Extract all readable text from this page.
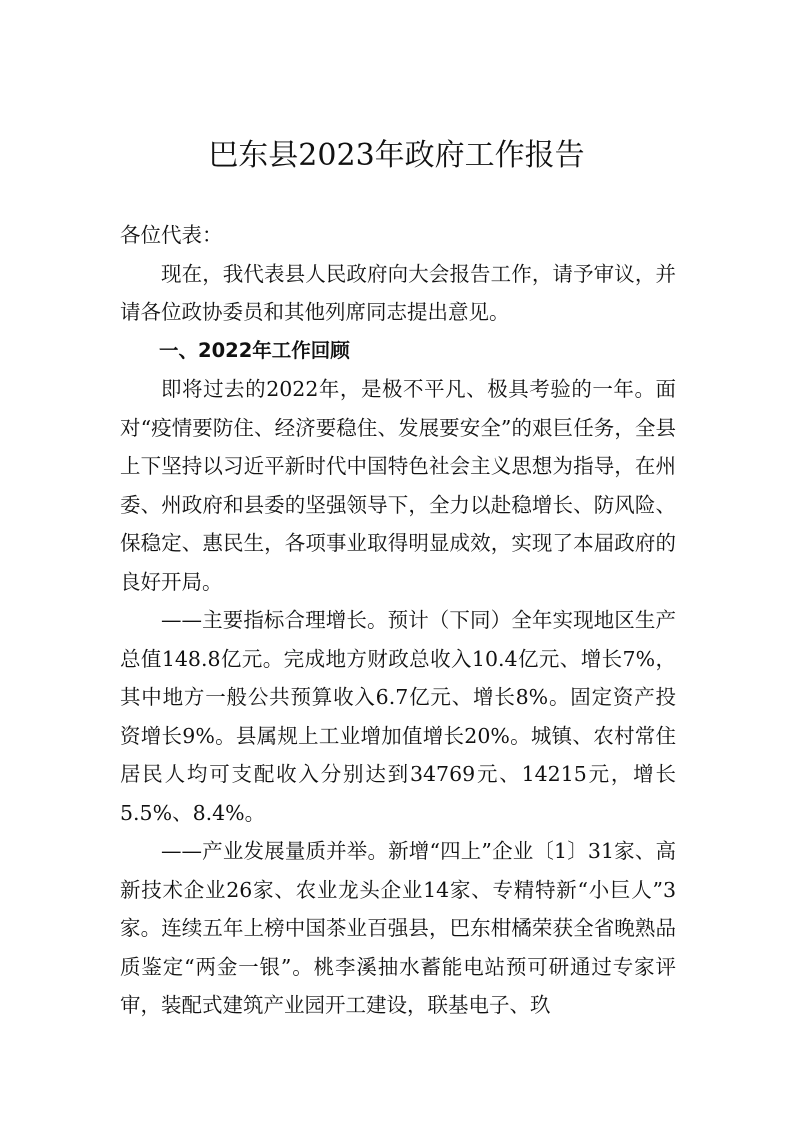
巴东县2023年政府工作报告

各位代表：

现在，我代表县人民政府向大会报告工作，请予审议，并请各位政协委员和其他列席同志提出意见。

一、2022年工作回顾

即将过去的2022年，是极不平凡、极具考验的一年。面对“疫情要防住、经济要稳住、发展要安全”的艰巨任务，全县上下坚持以习近平新时代中国特色社会主义思想为指导，在州委、州政府和县委的坚强领导下，全力以赴稳增长、防风险、保稳定、惠民生，各项事业取得明显成效，实现了本届政府的良好开局。

——主要指标合理增长。预计（下同）全年实现地区生产总值148.8亿元。完成地方财政总收入10.4亿元、增长7%，其中地方一般公共预算收入6.7亿元、增长8%。固定资产投资增长9%。县属规上工业增加值增长20%。城镇、农村常住居民人均可支配收入分别达到34769元、14215元，增长5.5%、8.4%。

——产业发展量质并举。新增“四上”企业〔1〕31家、高新技术企业26家、农业龙头企业14家、专精特新“小巨人”3家。连续五年上榜中国茶业百强县，巴东柑橘荣获全省晚熟品质鉴定“两金一银”。桃李溪抽水蓄能电站预可研通过专家评审，装配式建筑产业园开工建设，联基电子、玖
